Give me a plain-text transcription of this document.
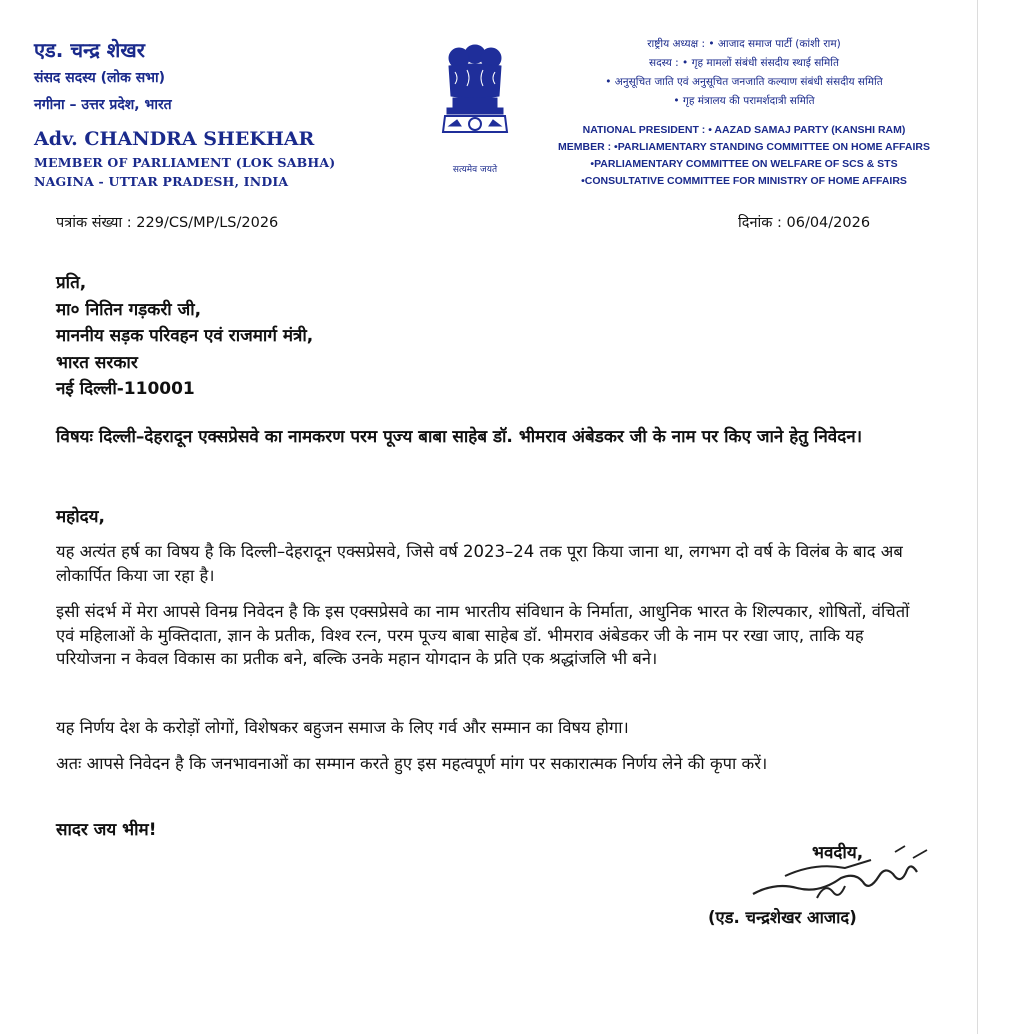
एड. चन्द्र शेखर
संसद सदस्य (लोक सभा)
नगीना – उत्तर प्रदेश, भारत
Adv. CHANDRA SHEKHAR
MEMBER OF PARLIAMENT (LOK SABHA)
NAGINA - UTTAR PRADESH, INDIA
सत्यमेव जयते
राष्ट्रीय अध्यक्ष : • आजाद समाज पार्टी (कांशी राम)
सदस्य : • गृह मामलों संबंधी संसदीय स्थाई समिति
• अनुसूचित जाति एवं अनुसूचित जनजाति कल्याण संबंधी संसदीय समिति
• गृह मंत्रालय की परामर्शदात्री समिति
NATIONAL PRESIDENT : • AAZAD SAMAJ PARTY (KANSHI RAM)
MEMBER : •PARLIAMENTARY STANDING COMMITTEE ON HOME AFFAIRS
•PARLIAMENTARY COMMITTEE ON WELFARE OF SCS & STS
•CONSULTATIVE COMMITTEE FOR MINISTRY OF HOME AFFAIRS
पत्रांक संख्या : 229/CS/MP/LS/2026	दिनांक : 06/04/2026
प्रति,
मा० नितिन गड़करी जी,
माननीय सड़क परिवहन एवं राजमार्ग मंत्री,
भारत सरकार
नई दिल्ली-110001
विषयः दिल्ली–देहरादून एक्सप्रेसवे का नामकरण परम पूज्य बाबा साहेब डॉ. भीमराव अंबेडकर जी के नाम पर किए जाने हेतु निवेदन।
महोदय,
यह अत्यंत हर्ष का विषय है कि दिल्ली–देहरादून एक्सप्रेसवे, जिसे वर्ष 2023–24 तक पूरा किया जाना था, लगभग दो वर्ष के विलंब के बाद अब लोकार्पित किया जा रहा है।
इसी संदर्भ में मेरा आपसे विनम्र निवेदन है कि इस एक्सप्रेसवे का नाम भारतीय संविधान के निर्माता, आधुनिक भारत के शिल्पकार, शोषितों, वंचितों एवं महिलाओं के मुक्तिदाता, ज्ञान के प्रतीक, विश्व रत्न, परम पूज्य बाबा साहेब डॉ. भीमराव अंबेडकर जी के नाम पर रखा जाए, ताकि यह परियोजना न केवल विकास का प्रतीक बने, बल्कि उनके महान योगदान के प्रति एक श्रद्धांजलि भी बने।
यह निर्णय देश के करोड़ों लोगों, विशेषकर बहुजन समाज के लिए गर्व और सम्मान का विषय होगा।
अतः आपसे निवेदन है कि जनभावनाओं का सम्मान करते हुए इस महत्वपूर्ण मांग पर सकारात्मक निर्णय लेने की कृपा करें।
सादर जय भीम!
भवदीय,
(एड. चन्द्रशेखर आजाद)
